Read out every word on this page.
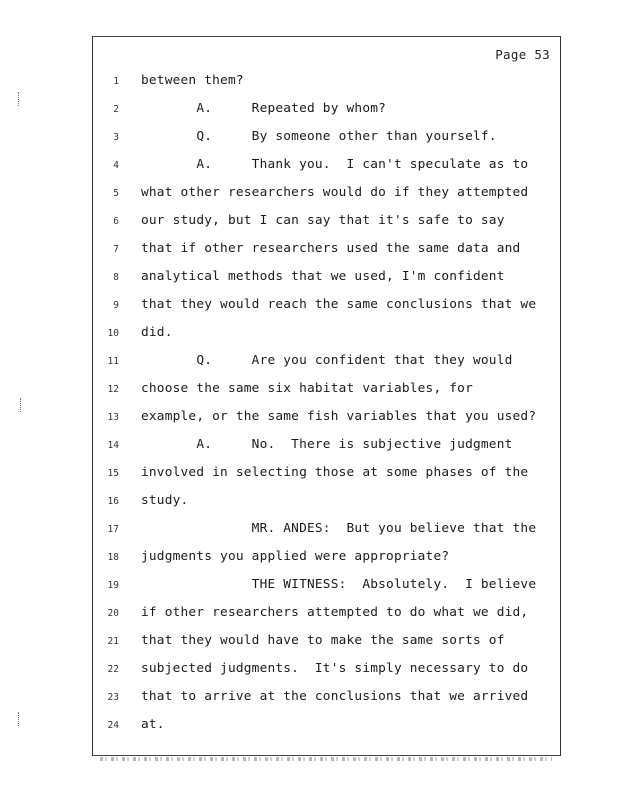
Page 53
1 between them?
2 A.     Repeated by whom?
3 Q.     By someone other than yourself.
4 A.     Thank you.  I can't speculate as to
5 what other researchers would do if they attempted
6 our study, but I can say that it's safe to say
7 that if other researchers used the same data and
8 analytical methods that we used, I'm confident
9 that they would reach the same conclusions that we
10 did.
11 Q.     Are you confident that they would
12 choose the same six habitat variables, for
13 example, or the same fish variables that you used?
14 A.     No.  There is subjective judgment
15 involved in selecting those at some phases of the
16 study.
17 MR. ANDES:  But you believe that the
18 judgments you applied were appropriate?
19 THE WITNESS:  Absolutely.  I believe
20 if other researchers attempted to do what we did,
21 that they would have to make the same sorts of
22 subjected judgments.  It's simply necessary to do
23 that to arrive at the conclusions that we arrived
24 at.
